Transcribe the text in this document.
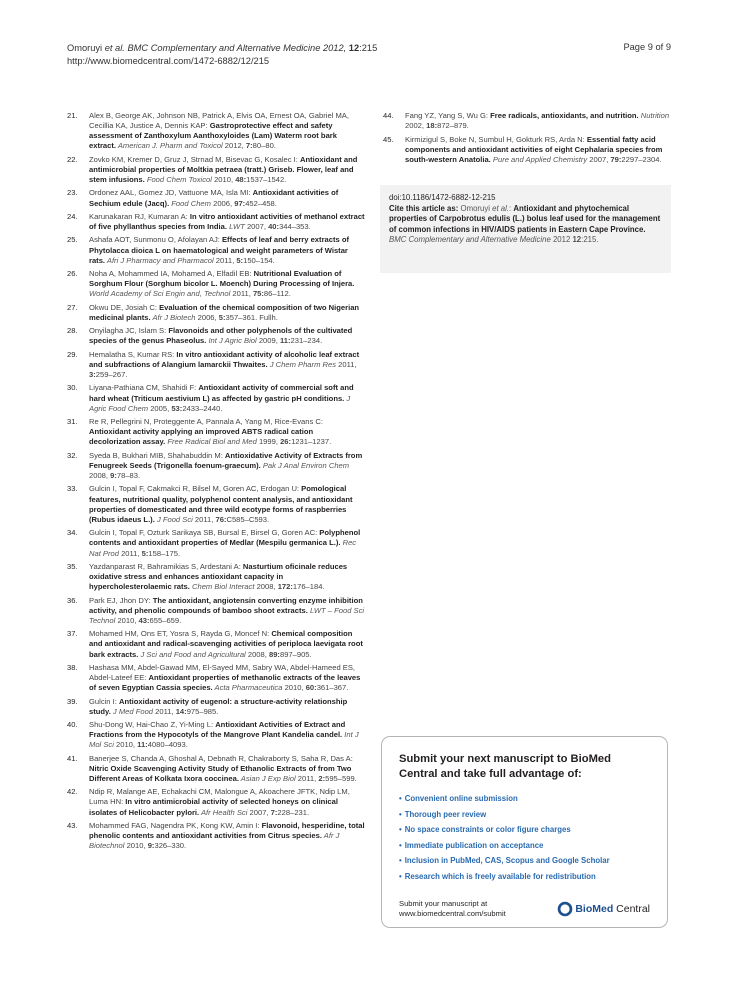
Omoruyi et al. BMC Complementary and Alternative Medicine 2012, 12:215
http://www.biomedcentral.com/1472-6882/12/215
Page 9 of 9
21.	Alex B, George AK, Johnson NB, Patrick A, Elvis OA, Ernest OA, Gabriel MA, Cecillia KA, Justice A, Dennis KAP: Gastroprotective effect and safety assessment of Zanthoxylum Aanthoxyloides (Lam) Waterm root bark extract. American J. Pharm and Toxicol 2012, 7:80–80.
22.	Zovko KM, Kremer D, Gruz J, Strnad M, Bisevac G, Kosalec I: Antioxidant and antimicrobial properties of Moltkia petraea (tratt.) Griseb. Flower, leaf and stem infusions. Food Chem Toxicol 2010, 48:1537–1542.
23.	Ordonez AAL, Gomez JD, Vattuone MA, Isla MI: Antioxidant activities of Sechium edule (Jacq). Food Chem 2006, 97:452–458.
24.	Karunakaran RJ, Kumaran A: In vitro antioxidant activities of methanol extract of five phyllanthus species from India. LWT 2007, 40:344–353.
25.	Ashafa AOT, Sunmonu O, Afolayan AJ: Effects of leaf and berry extracts of Phytolacca dioica L on haematological and weight parameters of Wistar rats. Afri J Pharmacy and Pharmacol 2011, 5:150–154.
26.	Noha A, Mohammed IA, Mohamed A, Elfadil EB: Nutritional Evaluation of Sorghum Flour (Sorghum bicolor L. Moench) During Processing of Injera. World Academy of Sci Engin and, Technol 2011, 75:86–112.
27.	Okwu DE, Josiah C: Evaluation of the chemical composition of two Nigerian medicinal plants. Afr J Biotech 2006, 5:357–361. Fullh.
28.	Onyilagha JC, Islam S: Flavonoids and other polyphenols of the cultivated species of the genus Phaseolus. Int J Agric Biol 2009, 11:231–234.
29.	Hemalatha S, Kumar RS: In vitro antioxidant activity of alcoholic leaf extract and subfractions of Alangium lamarckii Thwaites. J Chem Pharm Res 2011, 3:259–267.
30.	Liyana-Pathiana CM, Shahidi F: Antioxidant activity of commercial soft and hard wheat (Triticum aestivium L) as affected by gastric pH conditions. J Agric Food Chem 2005, 53:2433–2440.
31.	Re R, Pellegrini N, Proteggente A, Pannala A, Yang M, Rice-Evans C: Antioxidant activity applying an improved ABTS radical cation decolorization assay. Free Radical Biol and Med 1999, 26:1231–1237.
32.	Syeda B, Bukhari MIB, Shahabuddin M: Antioxidative Activity of Extracts from Fenugreek Seeds (Trigonella foenum-graecum). Pak J Anal Environ Chem 2008, 9:78–83.
33.	Gulcin I, Topal F, Cakmakci R, Bilsel M, Goren AC, Erdogan U: Pomological features, nutritional quality, polyphenol content analysis, and antioxidant properties of domesticated and three wild ecotype forms of raspberries (Rubus idaeus L.). J Food Sci 2011, 76:C585–C593.
34.	Gulcin I, Topal F, Ozturk Sarikaya SB, Bursal E, Birsel G, Goren AC: Polyphenol contents and antioxidant properties of Medlar (Mespilu germanica L.). Rec Nat Prod 2011, 5:158–175.
35.	Yazdanparast R, Bahramikias S, Ardestani A: Nasturtium oficinale reduces oxidative stress and enhances antioxidant capacity in hypercholesterolaemic rats. Chem Biol Interact 2008, 172:176–184.
36.	Park EJ, Jhon DY: The antioxidant, angiotensin converting enzyme inhibition activity, and phenolic compounds of bamboo shoot extracts. LWT – Food Sci Technol 2010, 43:655–659.
37.	Mohamed HM, Ons ET, Yosra S, Rayda G, Moncef N: Chemical composition and antioxidant and radical-scavenging activities of periploca laevigata root bark extracts. J Sci and Food and Agricultural 2008, 89:897–905.
38.	Hashasa MM, Abdel-Gawad MM, El-Sayed MM, Sabry WA, Abdel-Hameed ES, Abdel-Lateef EE: Antioxidant properties of methanolic extracts of the leaves of seven Egyptian Cassia species. Acta Pharmaceutica 2010, 60:361–367.
39.	Gulcin I: Antioxidant activity of eugenol: a structure-activity relationship study. J Med Food 2011, 14:975–985.
40.	Shu-Dong W, Hai-Chao Z, Yi-Ming L: Antioxidant Activities of Extract and Fractions from the Hypocotyls of the Mangrove Plant Kandelia candel. Int J Mol Sci 2010, 11:4080–4093.
41.	Banerjee S, Chanda A, Ghoshal A, Debnath R, Chakraborty S, Saha R, Das A: Nitric Oxide Scavenging Activity Study of Ethanolic Extracts of from Two Different Areas of Kolkata Ixora coccinea. Asian J Exp Biol 2011, 2:595–599.
42.	Ndip R, Malange AE, Echakachi CM, Malongue A, Akoachere JFTK, Ndip LM, Luma HN: In vitro antimicrobial activity of selected honeys on clinical isolates of Helicobacter pylori. Afr Health Sci 2007, 7:228–231.
43.	Mohammed FAG, Nagendra PK, Kong KW, Amin I: Flavonoid, hesperidine, total phenolic contents and antioxidant activities from Citrus species. Afr J Biotechnol 2010, 9:326–330.
44.	Fang YZ, Yang S, Wu G: Free radicals, antioxidants, and nutrition. Nutrition 2002, 18:872–879.
45.	Kirmizigul S, Boke N, Sumbul H, Gokturk RS, Arda N: Essential fatty acid components and antioxidant activities of eight Cephalaria species from south-western Anatolia. Pure and Applied Chemistry 2007, 79:2297–2304.
doi:10.1186/1472-6882-12-215
Cite this article as: Omoruyi et al.: Antioxidant and phytochemical properties of Carpobrotus edulis (L.) bolus leaf used for the management of common infections in HIV/AIDS patients in Eastern Cape Province. BMC Complementary and Alternative Medicine 2012 12:215.
Submit your next manuscript to BioMed Central and take full advantage of:
• Convenient online submission
• Thorough peer review
• No space constraints or color figure charges
• Immediate publication on acceptance
• Inclusion in PubMed, CAS, Scopus and Google Scholar
• Research which is freely available for redistribution
Submit your manuscript at
www.biomedcentral.com/submit	BioMed Central
